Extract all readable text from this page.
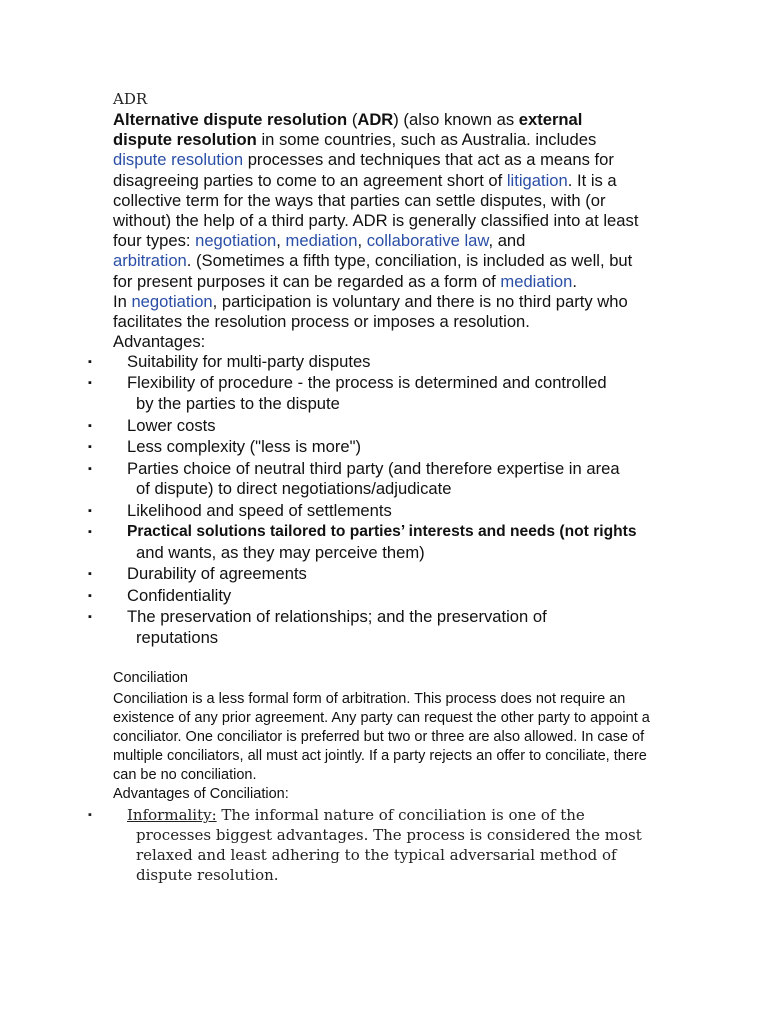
ADR
Alternative dispute resolution (ADR) (also known as external
dispute resolution in some countries, such as Australia. includes
dispute resolution processes and techniques that act as a means for disagreeing parties to come to an agreement short of litigation. It is a collective term for the ways that parties can settle disputes, with (or without) the help of a third party. ADR is generally classified into at least four types: negotiation, mediation, collaborative law, and
arbitration. (Sometimes a fifth type, conciliation, is included as well, but for present purposes it can be regarded as a form of mediation.
In negotiation, participation is voluntary and there is no third party who facilitates the resolution process or imposes a resolution.
Advantages:
▪ Suitability for multi-party disputes
▪ Flexibility of procedure - the process is determined and controlled
by the parties to the dispute
▪ Lower costs
▪ Less complexity ("less is more")
▪ Parties choice of neutral third party (and therefore expertise in area
of dispute) to direct negotiations/adjudicate
▪ Likelihood and speed of settlements
▪ Practical solutions tailored to parties’ interests and needs (not rights
and wants, as they may perceive them)
▪ Durability of agreements
▪ Confidentiality
▪ The preservation of relationships; and the preservation of
reputations
Conciliation
Conciliation is a less formal form of arbitration. This process does not require an existence of any prior agreement. Any party can request the other party to appoint a conciliator. One conciliator is preferred but two or three are also allowed. In case of multiple conciliators, all must act jointly. If a party rejects an offer to conciliate, there can be no conciliation.
Advantages of Conciliation:
▪ Informality: The informal nature of conciliation is one of the
processes biggest advantages. The process is considered the most relaxed and least adhering to the typical adversarial method of dispute resolution.
